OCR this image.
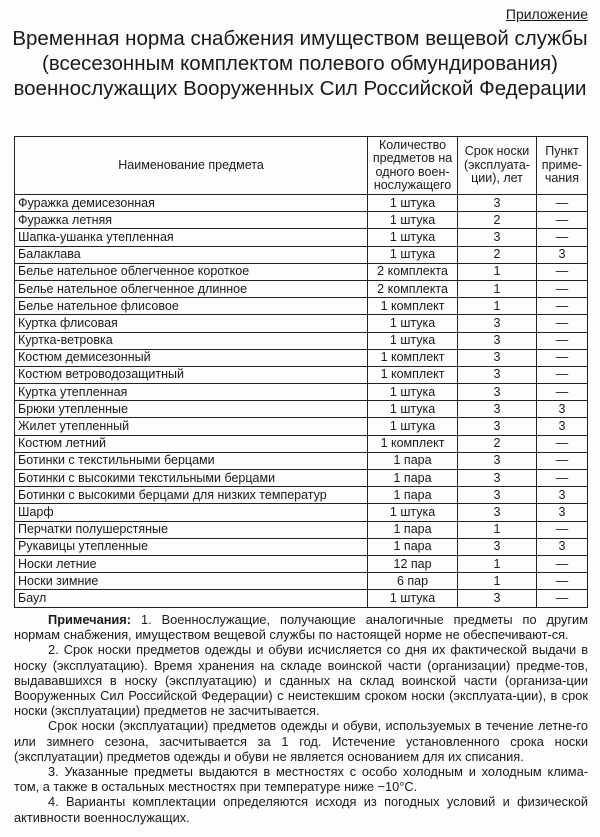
Приложение
Временная норма снабжения имуществом вещевой службы (всесезонным комплектом полевого обмундирования) военнослужащих Вооруженных Сил Российской Федерации
Наименование предмета	Количество предметов на одного воен-нослужащего	Срок носки (эксплуата-ции), лет	Пункт приме-чания
Фуражка демисезонная	1 штука	3	—
Фуражка летняя	1 штука	2	—
Шапка-ушанка утепленная	1 штука	3	—
Балаклава	1 штука	2	3
Белье нательное облегченное короткое	2 комплекта	1	—
Белье нательное облегченное длинное	2 комплекта	1	—
Белье нательное флисовое	1 комплект	1	—
Куртка флисовая	1 штука	3	—
Куртка-ветровка	1 штука	3	—
Костюм демисезонный	1 комплект	3	—
Костюм ветроводозащитный	1 комплект	3	—
Куртка утепленная	1 штука	3	—
Брюки утепленные	1 штука	3	3
Жилет утепленный	1 штука	3	3
Костюм летний	1 комплект	2	—
Ботинки с текстильными берцами	1 пара	3	—
Ботинки с высокими текстильными берцами	1 пара	3	—
Ботинки с высокими берцами для низких температур	1 пара	3	3
Шарф	1 штука	3	3
Перчатки полушерстяные	1 пара	1	—
Рукавицы утепленные	1 пара	3	3
Носки летние	12 пар	1	—
Носки зимние	6 пар	1	—
Баул	1 штука	3	—

Примечания: 1. Военнослужащие, получающие аналогичные предметы по другим нормам снабжения, имуществом вещевой службы по настоящей норме не обеспечивают-ся.

2. Срок носки предметов одежды и обуви исчисляется со дня их фактической выдачи в носку (эксплуатацию). Время хранения на складе воинской части (организации) предме-тов, выдававшихся в носку (эксплуатацию) и сданных на склад воинской части (организа-ции Вооруженных Сил Российской Федерации) с неистекшим сроком носки (эксплуата-ции), в срок носки (эксплуатации) предметов не засчитывается.

Срок носки (эксплуатации) предметов одежды и обуви, используемых в течение летне-го или зимнего сезона, засчитывается за 1 год. Истечение установленного срока носки (эксплуатации) предметов одежды и обуви не является основанием для их списания.

3. Указанные предметы выдаются в местностях с особо холодным и холодным клима-том, а также в остальных местностях при температуре ниже −10°С.

4. Варианты комплектации определяются исходя из погодных условий и физической активности военнослужащих.
